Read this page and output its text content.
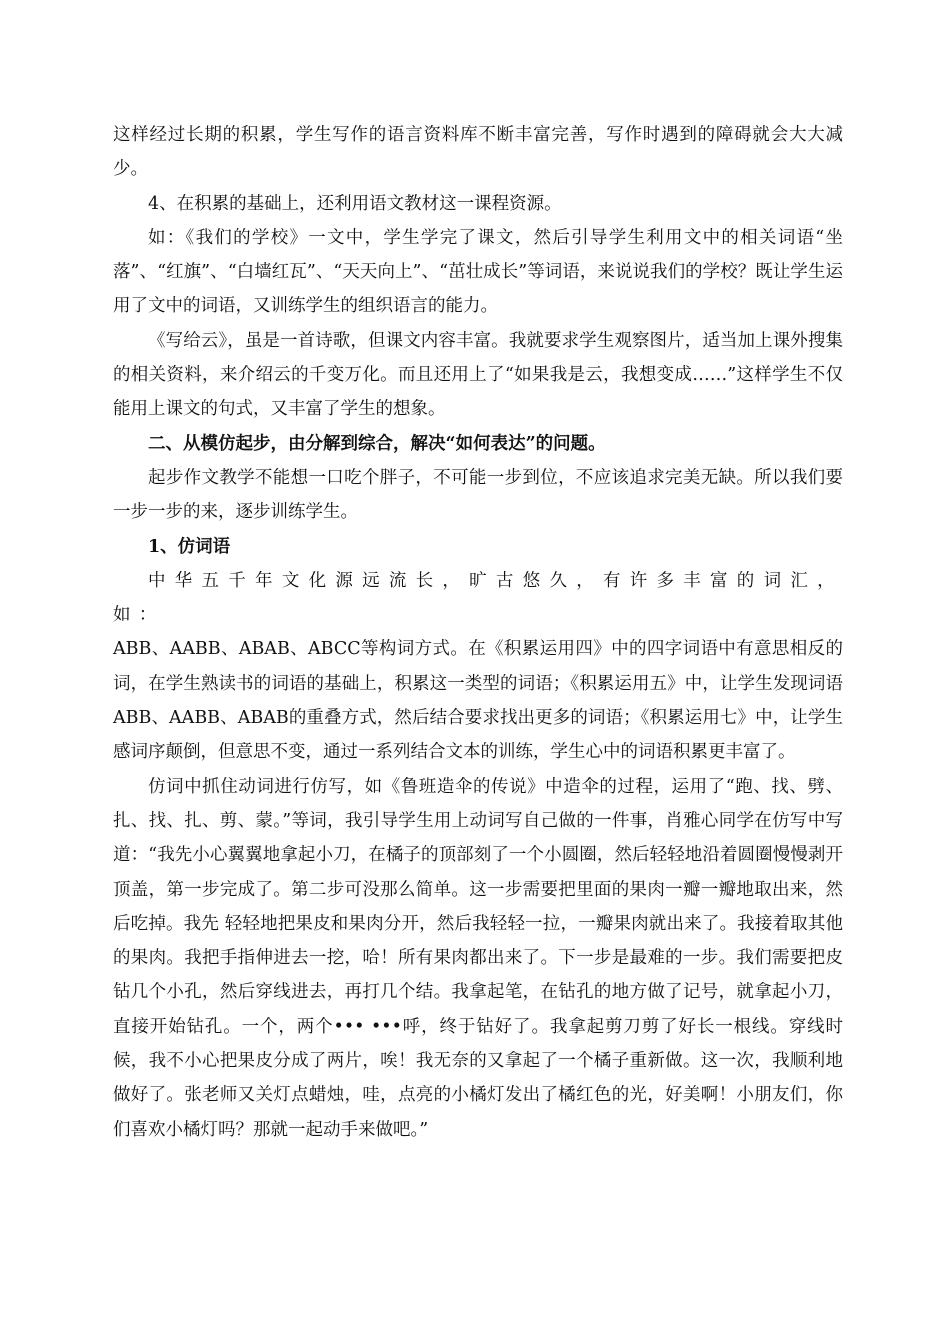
这样经过长期的积累，学生写作的语言资料库不断丰富完善，写作时遇到的障碍就会大大减少。

4、在积累的基础上，还利用语文教材这一课程资源。

如：《我们的学校》一文中，学生学完了课文，然后引导学生利用文中的相关词语“坐落”、“红旗”、“白墙红瓦”、“天天向上”、“茁壮成长”等词语，来说说我们的学校？既让学生运用了文中的词语，又训练学生的组织语言的能力。

《写给云》，虽是一首诗歌，但课文内容丰富。我就要求学生观察图片，适当加上课外搜集的相关资料，来介绍云的千变万化。而且还用上了“如果我是云，我想变成……”这样学生不仅能用上课文的句式，又丰富了学生的想象。

二、从模仿起步，由分解到综合，解决“如何表达”的问题。

起步作文教学不能想一口吃个胖子，不可能一步到位，不应该追求完美无缺。所以我们要一步一步的来，逐步训练学生。

1、仿词语

中华五千年文化源远流长，旷古悠久，有许多丰富的词汇，如：

ABB、AABB、ABAB、ABCC等构词方式。在《积累运用四》中的四字词语中有意思相反的词，在学生熟读书的词语的基础上，积累这一类型的词语；《积累运用五》中，让学生发现词语ABB、AABB、ABAB的重叠方式，然后结合要求找出更多的词语；《积累运用七》中，让学生感词序颠倒，但意思不变，通过一系列结合文本的训练，学生心中的词语积累更丰富了。

仿词中抓住动词进行仿写，如《鲁班造伞的传说》中造伞的过程，运用了“跑、找、劈、扎、找、扎、剪、蒙。”等词，我引导学生用上动词写自己做的一件事，肖雅心同学在仿写中写道：“我先小心翼翼地拿起小刀，在橘子的顶部刻了一个小圆圈，然后轻轻地沿着圆圈慢慢剥开顶盖，第一步完成了。第二步可没那么简单。这一步需要把里面的果肉一瓣一瓣地取出来，然后吃掉。我先 轻轻地把果皮和果肉分开，然后我轻轻一拉，一瓣果肉就出来了。我接着取其他的果肉。我把手指伸进去一挖，哈！所有果肉都出来了。下一步是最难的一步。我们需要把皮钻几个小孔，然后穿线进去，再打几个结。我拿起笔，在钻孔的地方做了记号，就拿起小刀，直接开始钻孔。一个，两个••• •••呼，终于钻好了。我拿起剪刀剪了好长一根线。穿线时候，我不小心把果皮分成了两片，唉！我无奈的又拿起了一个橘子重新做。这一次，我顺利地做好了。张老师又关灯点蜡烛，哇，点亮的小橘灯发出了橘红色的光，好美啊！小朋友们，你们喜欢小橘灯吗？那就一起动手来做吧。”
